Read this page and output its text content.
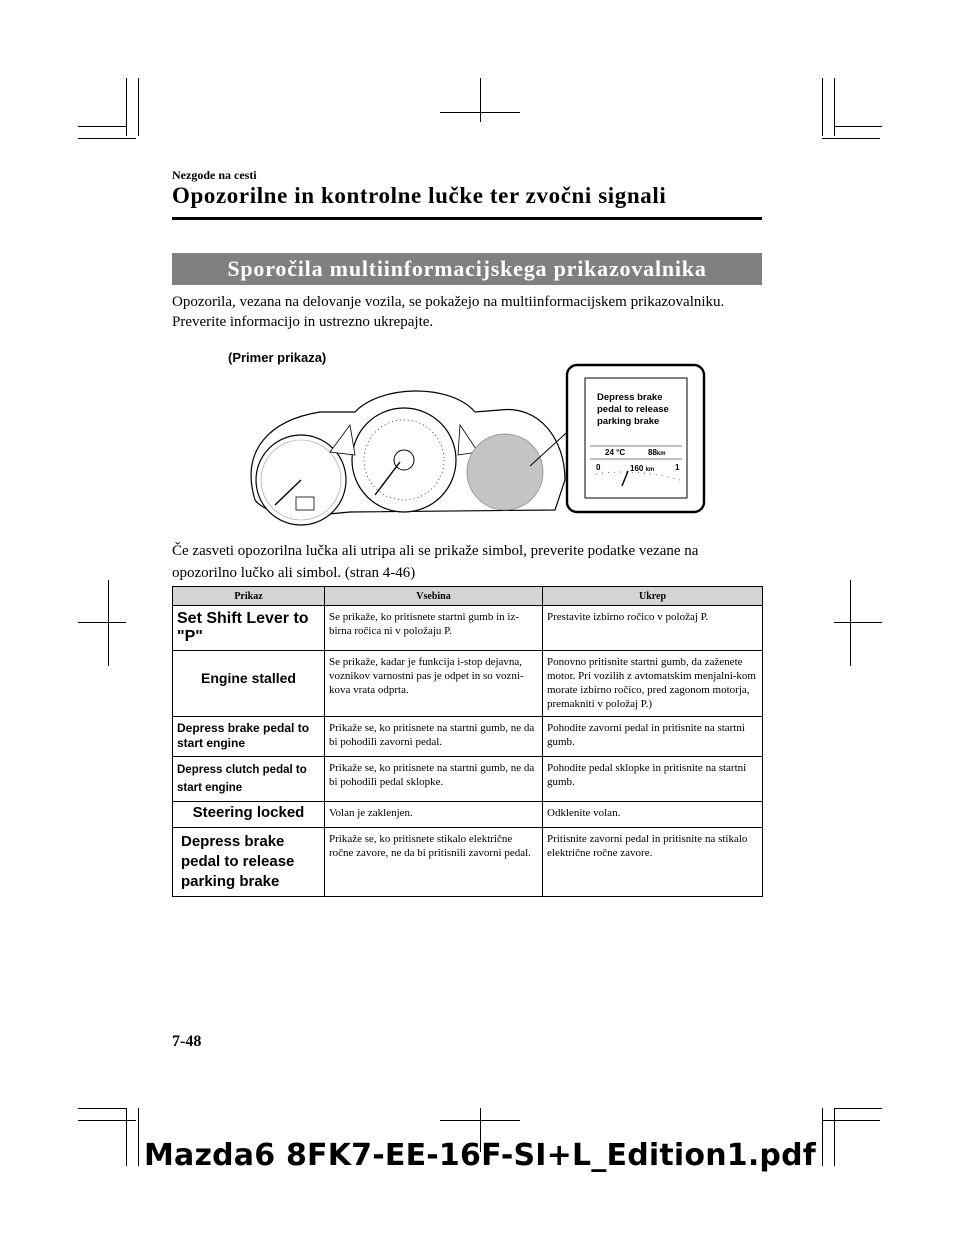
Nezgode na cesti
Opozorilne in kontrolne lučke ter zvočni signali
Sporočila multiinformacijskega prikazovalnika
Opozorila, vezana na delovanje vozila, se pokažejo na multiinformacijskem prikazovalniku.
Preverite informacijo in ustrezno ukrepajte.
(Primer prikaza)
Depress brake
pedal to release
parking brake
24 °C	88km
0	160 km	1
Če zasveti opozorilna lučka ali utripa ali se prikaže simbol, preverite podatke vezane na
opozorilno lučko ali simbol. (stran 4-46)
Prikaz	Vsebina	Ukrep
Set Shift Lever to "P"	Se prikaže, ko pritisnete startni gumb in iz-birna ročica ni v položaju P.	Prestavite izbirno ročico v položaj P.

Engine stalled	Se prikaže, kadar je funkcija i-stop dejavna, voznikov varnostni pas je odpet in so vozni-kova vrata odprta.	Ponovno pritisnite startni gumb, da zaženete motor. Pri vozilih z avtomatskim menjalni-kom morate izbirno ročico, pred zagonom motorja, premakniti v položaj P.)
Depress brake pedal to start engine	Prikaže se, ko pritisnete na startni gumb, ne da bi pohodili zavorni pedal.	Pohodite zavorni pedal in pritisnite na startni gumb.
Depress clutch pedal to start engine	Prikaže se, ko pritisnete na startni gumb, ne da bi pohodili pedal sklopke.	Pohodite pedal sklopke in pritisnite na startni gumb.

Steering locked	Volan je zaklenjen.	Odklenite volan.

Depress brake pedal to release parking brake	Prikaže se, ko pritisnete stikalo električne ročne zavore, ne da bi pritisnili zavorni pedal.	Pritisnite zavorni pedal in pritisnite na stikalo električne ročne zavore.
7-48
Mazda6 8FK7-EE-16F-SI+L_Edition1.pdf
